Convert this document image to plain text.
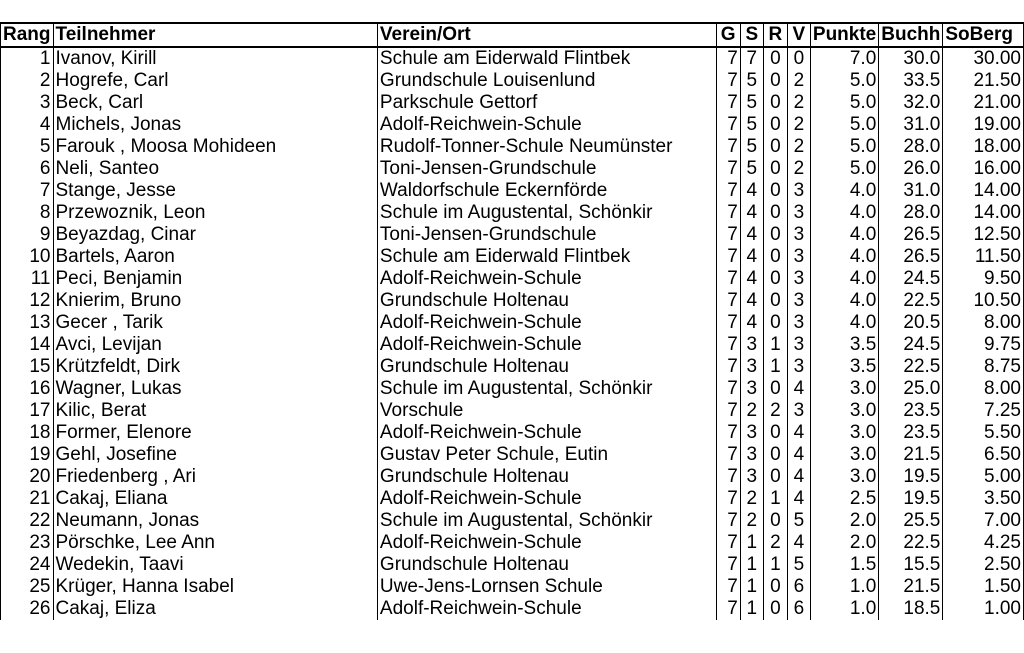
Rang	Teilnehmer	Verein/Ort	G	S	R	V	Punkte	Buchh	SoBerg
1	Ivanov, Kirill	Schule am Eiderwald Flintbek	7	7	0	0	7.0	30.0	30.00
2	Hogrefe, Carl	Grundschule Louisenlund	7	5	0	2	5.0	33.5	21.50
3	Beck, Carl	Parkschule Gettorf	7	5	0	2	5.0	32.0	21.00
4	Michels, Jonas	Adolf-Reichwein-Schule	7	5	0	2	5.0	31.0	19.00
5	Farouk , Moosa Mohideen	Rudolf-Tonner-Schule Neumünster	7	5	0	2	5.0	28.0	18.00
6	Neli, Santeo	Toni-Jensen-Grundschule	7	5	0	2	5.0	26.0	16.00
7	Stange, Jesse	Waldorfschule Eckernförde	7	4	0	3	4.0	31.0	14.00
8	Przewoznik, Leon	Schule im Augustental, Schönkir	7	4	0	3	4.0	28.0	14.00
9	Beyazdag, Cinar	Toni-Jensen-Grundschule	7	4	0	3	4.0	26.5	12.50
10	Bartels, Aaron	Schule am Eiderwald Flintbek	7	4	0	3	4.0	26.5	11.50
11	Peci, Benjamin	Adolf-Reichwein-Schule	7	4	0	3	4.0	24.5	9.50
12	Knierim, Bruno	Grundschule Holtenau	7	4	0	3	4.0	22.5	10.50
13	Gecer , Tarik	Adolf-Reichwein-Schule	7	4	0	3	4.0	20.5	8.00
14	Avci, Levijan	Adolf-Reichwein-Schule	7	3	1	3	3.5	24.5	9.75
15	Krützfeldt, Dirk	Grundschule Holtenau	7	3	1	3	3.5	22.5	8.75
16	Wagner, Lukas	Schule im Augustental, Schönkir	7	3	0	4	3.0	25.0	8.00
17	Kilic, Berat	Vorschule	7	2	2	3	3.0	23.5	7.25
18	Former, Elenore	Adolf-Reichwein-Schule	7	3	0	4	3.0	23.5	5.50
19	Gehl, Josefine	Gustav Peter Schule, Eutin	7	3	0	4	3.0	21.5	6.50
20	Friedenberg , Ari	Grundschule Holtenau	7	3	0	4	3.0	19.5	5.00
21	Cakaj, Eliana	Adolf-Reichwein-Schule	7	2	1	4	2.5	19.5	3.50
22	Neumann, Jonas	Schule im Augustental, Schönkir	7	2	0	5	2.0	25.5	7.00
23	Pörschke, Lee Ann	Adolf-Reichwein-Schule	7	1	2	4	2.0	22.5	4.25
24	Wedekin, Taavi	Grundschule Holtenau	7	1	1	5	1.5	15.5	2.50
25	Krüger, Hanna Isabel	Uwe-Jens-Lornsen Schule	7	1	0	6	1.0	21.5	1.50
26	Cakaj, Eliza	Adolf-Reichwein-Schule	7	1	0	6	1.0	18.5	1.00
